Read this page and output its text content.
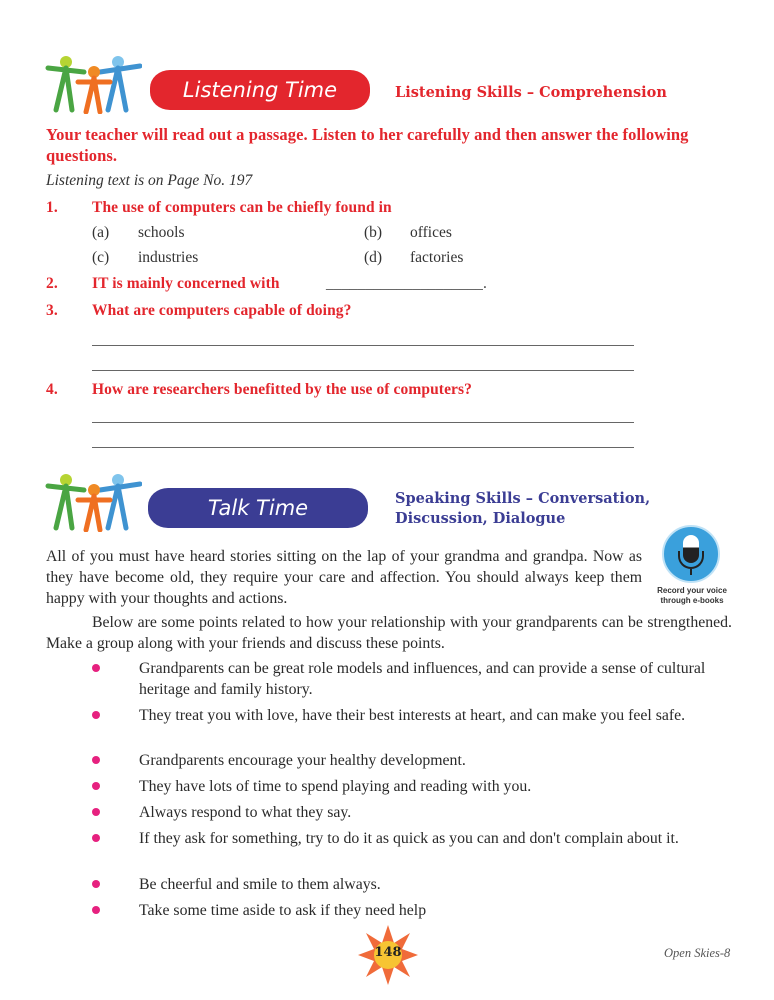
Listening Time	Listening Skills – Comprehension
Your teacher will read out a passage. Listen to her carefully and then answer the following questions.
Listening text is on Page No. 197
1. The use of computers can be chiefly found in
(a) schools	(b) offices
(c) industries	(d) factories
2. IT is mainly concerned with	____________________.
3. What are computers capable of doing?
4. How are researchers benefitted by the use of computers?
Talk Time	Speaking Skills – Conversation,
Discussion, Dialogue
All of you must have heard stories sitting on the lap of your grandma and grandpa. Now as they have become old, they require your care and affection. You should always keep them happy with your thoughts and actions.	Record your voice
through e-books
Below are some points related to how your relationship with your grandparents can be strengthened. Make a group along with your friends and discuss these points.
Grandparents can be great role models and influences, and can provide a sense of cultural heritage and family history.
They treat you with love, have their best interests at heart, and can make you feel safe.
Grandparents encourage your healthy development.
They have lots of time to spend playing and reading with you.
Always respond to what they say.
If they ask for something, try to do it as quick as you can and don't complain about it.
Be cheerful and smile to them always.
Take some time aside to ask if they need help
148	Open Skies-8
